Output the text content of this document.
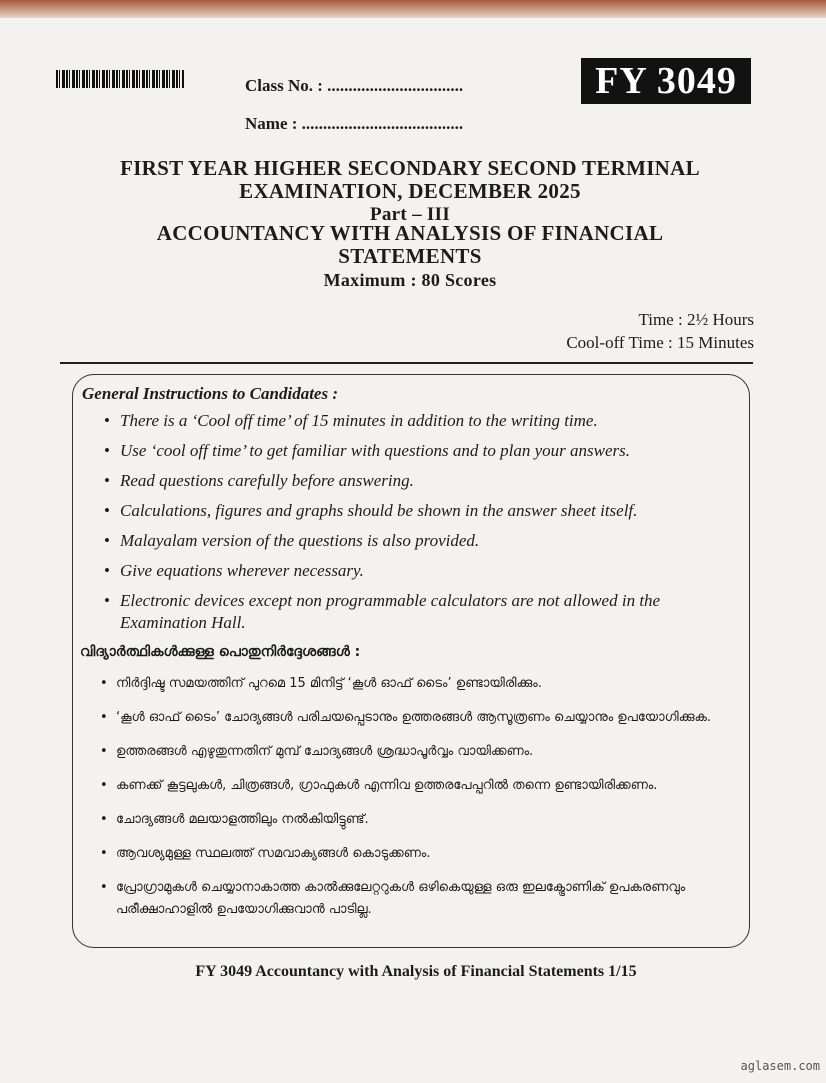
Class No. : ................................
Name : ......................................
FY 3049
FIRST YEAR HIGHER SECONDARY SECOND TERMINAL
EXAMINATION, DECEMBER 2025
Part – III
ACCOUNTANCY WITH ANALYSIS OF FINANCIAL
STATEMENTS
Maximum : 80 Scores
Time : 2½ Hours
Cool-off Time : 15 Minutes
General Instructions to Candidates :
• There is a ‘Cool off time’ of 15 minutes in addition to the writing time.
• Use ‘cool off time’ to get familiar with questions and to plan your answers.
• Read questions carefully before answering.
• Calculations, figures and graphs should be shown in the answer sheet itself.
• Malayalam version of the questions is also provided.
• Give equations wherever necessary.
• Electronic devices except non programmable calculators are not allowed in the Examination Hall.
വിദ്യാർത്ഥികൾക്കുള്ള പൊതുനിർദ്ദേശങ്ങൾ :
• നിർദ്ദിഷ്ട സമയത്തിന് പുറമെ 15 മിനിട്ട് ‘കൂൾ ഓഫ് ടൈം’ ഉണ്ടായിരിക്കും.
• ‘കൂൾ ഓഫ് ടൈം’ ചോദ്യങ്ങൾ പരിചയപ്പെടാനും ഉത്തരങ്ങൾ ആസൂത്രണം ചെയ്യാനും ഉപയോഗിക്കുക.
• ഉത്തരങ്ങൾ എഴുതുന്നതിന് മുമ്പ് ചോദ്യങ്ങൾ ശ്രദ്ധാപൂർവ്വം വായിക്കണം.
• കണക്ക് കൂട്ടലുകൾ, ചിത്രങ്ങൾ, ഗ്രാഫുകൾ എന്നിവ ഉത്തരപേപ്പറിൽ തന്നെ ഉണ്ടായിരിക്കണം.
• ചോദ്യങ്ങൾ മലയാളത്തിലും നൽകിയിട്ടുണ്ട്.
• ആവശ്യമുള്ള സ്ഥലത്ത് സമവാക്യങ്ങൾ കൊടുക്കണം.
• പ്രോഗ്രാമുകൾ ചെയ്യാനാകാത്ത കാൽക്കുലേറ്ററുകൾ ഒഴികെയുള്ള ഒരു ഇലക്ട്രോണിക് ഉപകരണവും പരീക്ഷാഹാളിൽ ഉപയോഗിക്കുവാൻ പാടില്ല.
FY 3049 Accountancy with Analysis of Financial Statements 1/15
aglasem.com
